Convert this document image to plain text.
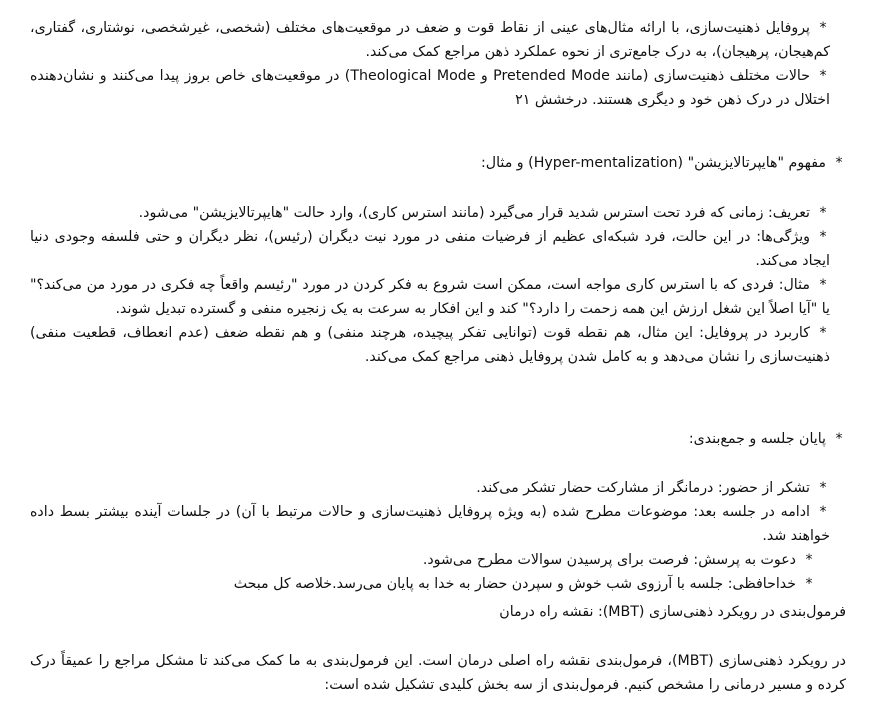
*پروفایل ذهنیت‌سازی، با ارائه مثال‌های عینی از نقاط قوت و ضعف در موقعیت‌های مختلف (شخصی، غیرشخصی، نوشتاری، گفتاری، کم‌هیجان، پرهیجان)، به درک جامع‌تری از نحوه عملکرد ذهن مراجع کمک می‌کند.
*حالات مختلف ذهنیت‌سازی (مانند Pretended Mode و Theological Mode) در موقعیت‌های خاص بروز پیدا می‌کنند و نشان‌دهنده اختلال در درک ذهن خود و دیگری هستند. درخشش ۲۱
*مفهوم "هایپرتالایزیشن" (Hyper-mentalization) و مثال:
*تعریف: زمانی که فرد تحت استرس شدید قرار می‌گیرد (مانند استرس کاری)، وارد حالت "هایپرتالایزیشن" می‌شود.
*ویژگی‌ها: در این حالت، فرد شبکه‌ای عظیم از فرضیات منفی در مورد نیت دیگران (رئیس)، نظر دیگران و حتی فلسفه وجودی دنیا ایجاد می‌کند.
*مثال: فردی که با استرس کاری مواجه است، ممکن است شروع به فکر کردن در مورد "رئیسم واقعاً چه فکری در مورد من می‌کند؟" یا "آیا اصلاً این شغل ارزش این همه زحمت را دارد؟" کند و این افکار به سرعت به یک زنجیره منفی و گسترده تبدیل شوند.
*کاربرد در پروفایل: این مثال، هم نقطه قوت (توانایی تفکر پیچیده، هرچند منفی) و هم نقطه ضعف (عدم انعطاف، قطعیت منفی) ذهنیت‌سازی را نشان می‌دهد و به کامل شدن پروفایل ذهنی مراجع کمک می‌کند.
*پایان جلسه و جمع‌بندی:
*تشکر از حضور: درمانگر از مشارکت حضار تشکر می‌کند.
*ادامه در جلسه بعد: موضوعات مطرح شده (به ویژه پروفایل ذهنیت‌سازی و حالات مرتبط با آن) در جلسات آینده بیشتر بسط داده خواهند شد.
*دعوت به پرسش: فرصت برای پرسیدن سوالات مطرح می‌شود.
*خداحافظی: جلسه با آرزوی شب خوش و سپردن حضار به خدا به پایان می‌رسد.خلاصه کل مبحث
فرمول‌بندی در رویکرد ذهنی‌سازی (MBT): نقشه راه درمان
در رویکرد ذهنی‌سازی (MBT)، فرمول‌بندی نقشه راه اصلی درمان است. این فرمول‌بندی به ما کمک می‌کند تا مشکل مراجع را عمیقاً درک کرده و مسیر درمانی را مشخص کنیم. فرمول‌بندی از سه بخش کلیدی تشکیل شده است:
